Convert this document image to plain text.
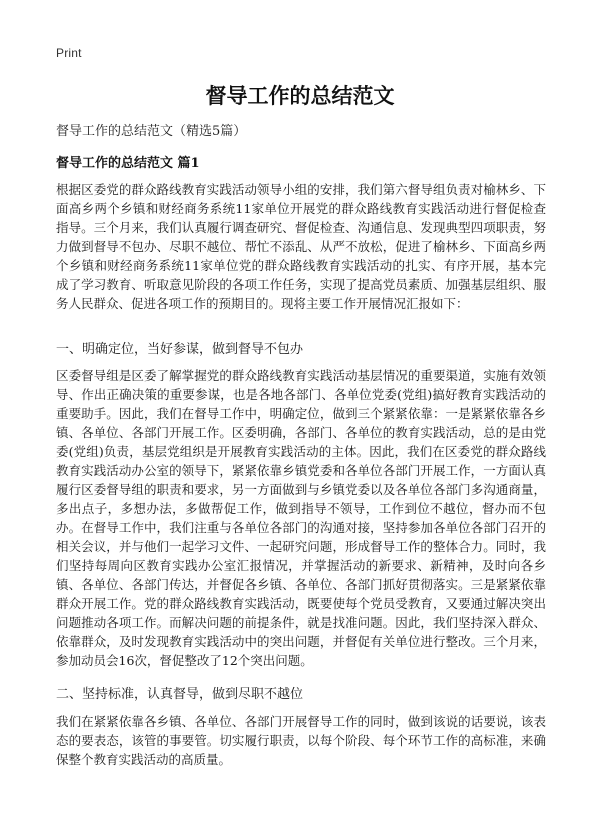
Print
督导工作的总结范文
督导工作的总结范文（精选5篇）
督导工作的总结范文 篇1

根据区委党的群众路线教育实践活动领导小组的安排，我们第六督导组负责对榆林乡、下面高乡两个乡镇和财经商务系统11家单位开展党的群众路线教育实践活动进行督促检查指导。三个月来，我们认真履行调查研究、督促检查、沟通信息、发现典型四项职责，努力做到督导不包办、尽职不越位、帮忙不添乱、从严不放松，促进了榆林乡、下面高乡两个乡镇和财经商务系统11家单位党的群众路线教育实践活动的扎实、有序开展，基本完成了学习教育、听取意见阶段的各项工作任务，实现了提高党员素质、加强基层组织、服务人民群众、促进各项工作的预期目的。现将主要工作开展情况汇报如下：

一、明确定位，当好参谋，做到督导不包办

区委督导组是区委了解掌握党的群众路线教育实践活动基层情况的重要渠道，实施有效领导、作出正确决策的重要参谋，也是各地各部门、各单位党委(党组)搞好教育实践活动的重要助手。因此，我们在督导工作中，明确定位，做到三个紧紧依靠：一是紧紧依靠各乡镇、各单位、各部门开展工作。区委明确，各部门、各单位的教育实践活动，总的是由党委(党组)负责，基层党组织是开展教育实践活动的主体。因此，我们在区委党的群众路线教育实践活动办公室的领导下，紧紧依靠乡镇党委和各单位各部门开展工作，一方面认真履行区委督导组的职责和要求，另一方面做到与乡镇党委以及各单位各部门多沟通商量，多出点子，多想办法，多做帮促工作，做到指导不领导，工作到位不越位，督办而不包办。在督导工作中，我们注重与各单位各部门的沟通对接，坚持参加各单位各部门召开的相关会议，并与他们一起学习文件、一起研究问题，形成督导工作的整体合力。同时，我们坚持每周向区教育实践办公室汇报情况，并掌握活动的新要求、新精神，及时向各乡镇、各单位、各部门传达，并督促各乡镇、各单位、各部门抓好贯彻落实。三是紧紧依靠群众开展工作。党的群众路线教育实践活动，既要使每个党员受教育，又要通过解决突出问题推动各项工作。而解决问题的前提条件，就是找准问题。因此，我们坚持深入群众、依靠群众，及时发现教育实践活动中的突出问题，并督促有关单位进行整改。三个月来，参加动员会16次，督促整改了12个突出问题。

二、坚持标准，认真督导，做到尽职不越位

我们在紧紧依靠各乡镇、各单位、各部门开展督导工作的同时，做到该说的话要说，该表态的要表态，该管的事要管。切实履行职责，以每个阶段、每个环节工作的高标准，来确保整个教育实践活动的高质量。
